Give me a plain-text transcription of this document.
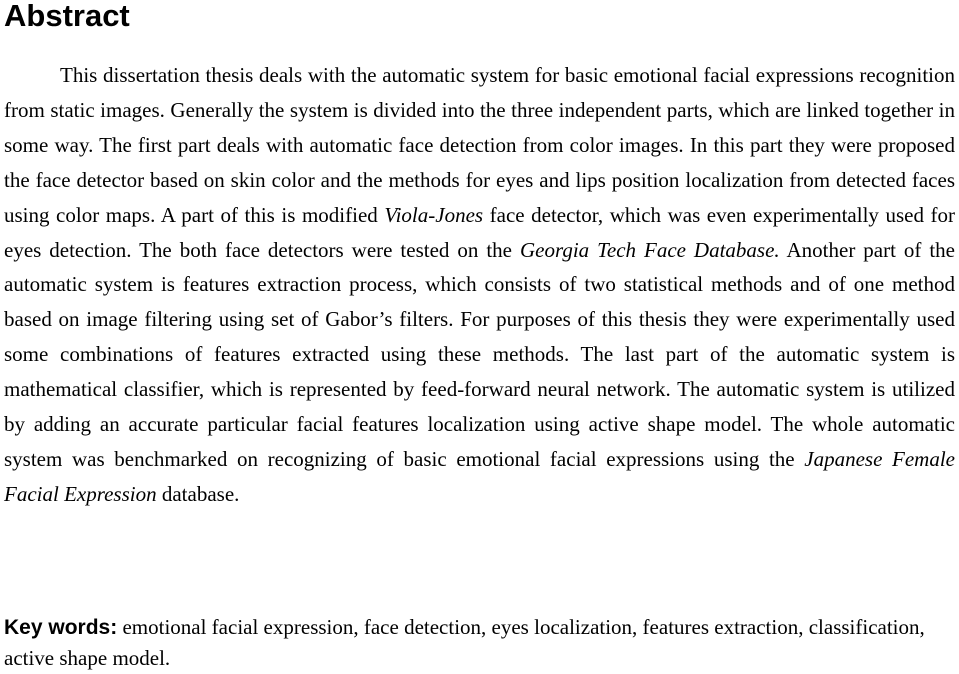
Abstract

This dissertation thesis deals with the automatic system for basic emotional facial expressions recognition from static images. Generally the system is divided into the three independent parts, which are linked together in some way. The first part deals with automatic face detection from color images. In this part they were proposed the face detector based on skin color and the methods for eyes and lips position localization from detected faces using color maps. A part of this is modified Viola-Jones face detector, which was even experimentally used for eyes detection. The both face detectors were tested on the Georgia Tech Face Database. Another part of the automatic system is features extraction process, which consists of two statistical methods and of one method based on image filtering using set of Gabor’s filters. For purposes of this thesis they were experimentally used some combinations of features extracted using these methods. The last part of the automatic system is mathematical classifier, which is represented by feed-forward neural network. The automatic system is utilized by adding an accurate particular facial features localization using active shape model. The whole automatic system was benchmarked on recognizing of basic emotional facial expressions using the Japanese Female Facial Expression database.

Key words: emotional facial expression, face detection, eyes localization, features extraction, classification, active shape model.
